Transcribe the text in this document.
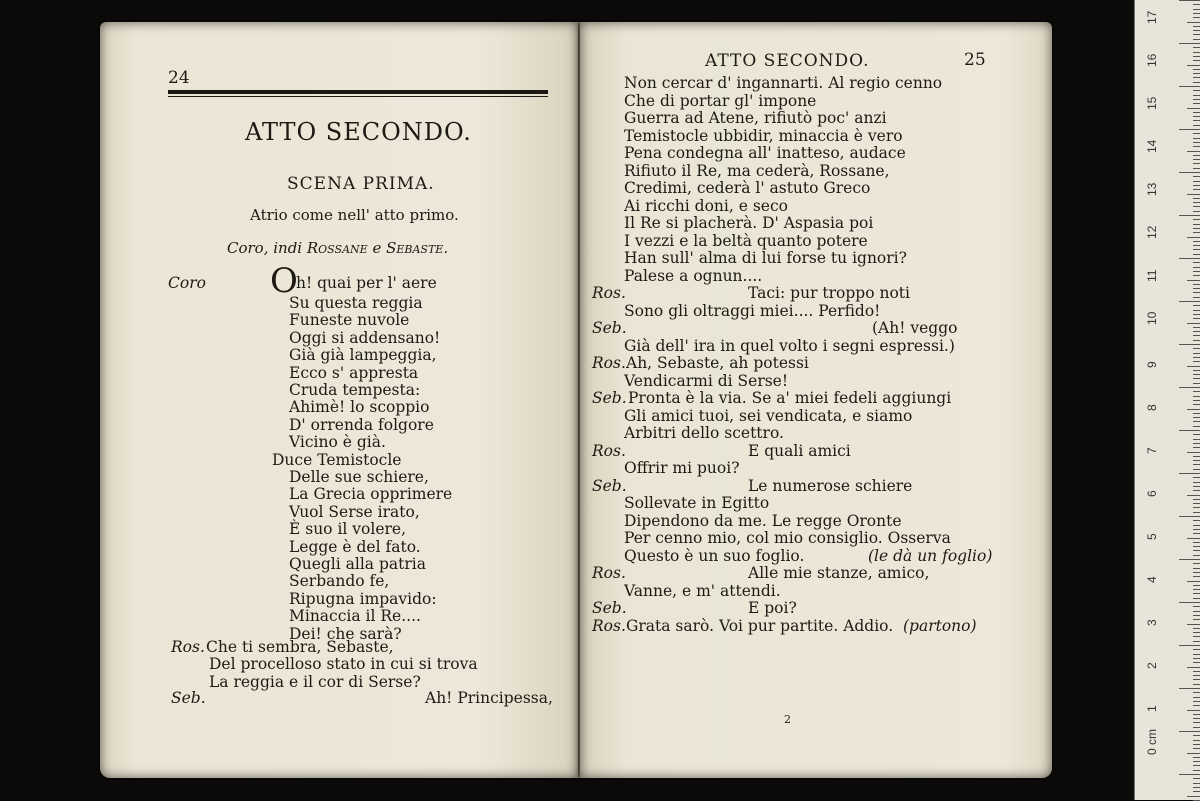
24
ATTO SECONDO.
SCENA PRIMA.
Atrio come nell' atto primo.
Coro, indi Rossane e Sebaste.
Coro O
Ros.
Seb.	Ah! Principessa,
ATTO SECONDO.	25
2
17
16
15
14
13
12
11
10
9
8
7
6
5
4
3
2
1
0 cm
h! quai per l' aere
Su questa reggia
Funeste nuvole
Oggi si addensano!
Già già lampeggia,
Ecco s' appresta
Cruda tempesta:
Ahimè! lo scoppio
D' orrenda folgore
Vicino è già.
Duce Temistocle
Delle sue schiere,
La Grecia opprimere
Vuol Serse irato,
È suo il volere,
Legge è del fato.
Quegli alla patria
Serbando fe,
Ripugna impavido:
Minaccia il Re....
Dei! che sarà?
Che ti sembra, Sebaste,
Del procelloso stato in cui si trova
La reggia e il cor di Serse?
Non cercar d' ingannarti. Al regio cenno
Che di portar gl' impone
Guerra ad Atene, rifiutò poc' anzi
Temistocle ubbidir, minaccia è vero
Pena condegna all' inatteso, audace
Rifiuto il Re, ma cederà, Rossane,
Credimi, cederà l' astuto Greco
Ai ricchi doni, e seco
Il Re si placherà. D' Aspasia poi
I vezzi e la beltà quanto potere
Han sull' alma di lui forse tu ignori?
Palese a ognun....
Ros.	Taci: pur troppo noti
Sono gli oltraggi miei.... Perfido!
Seb.	(Ah! veggo
Già dell' ira in quel volto i segni espressi.)
Ros. Ah, Sebaste, ah potessi
Vendicarmi di Serse!
Seb. Pronta è la via. Se a' miei fedeli aggiungi
Gli amici tuoi, sei vendicata, e siamo
Arbitri dello scettro.
Ros.	E quali amici
Offrir mi puoi?
Seb.	Le numerose schiere
Sollevate in Egitto
Dipendono da me. Le regge Oronte
Per cenno mio, col mio consiglio. Osserva
Questo è un suo foglio.	(le dà un foglio)
Ros.	Alle mie stanze, amico,
Vanne, e m' attendi.
Seb.	E poi?
Ros. Grata sarò. Voi pur partite. Addio. (partono)
